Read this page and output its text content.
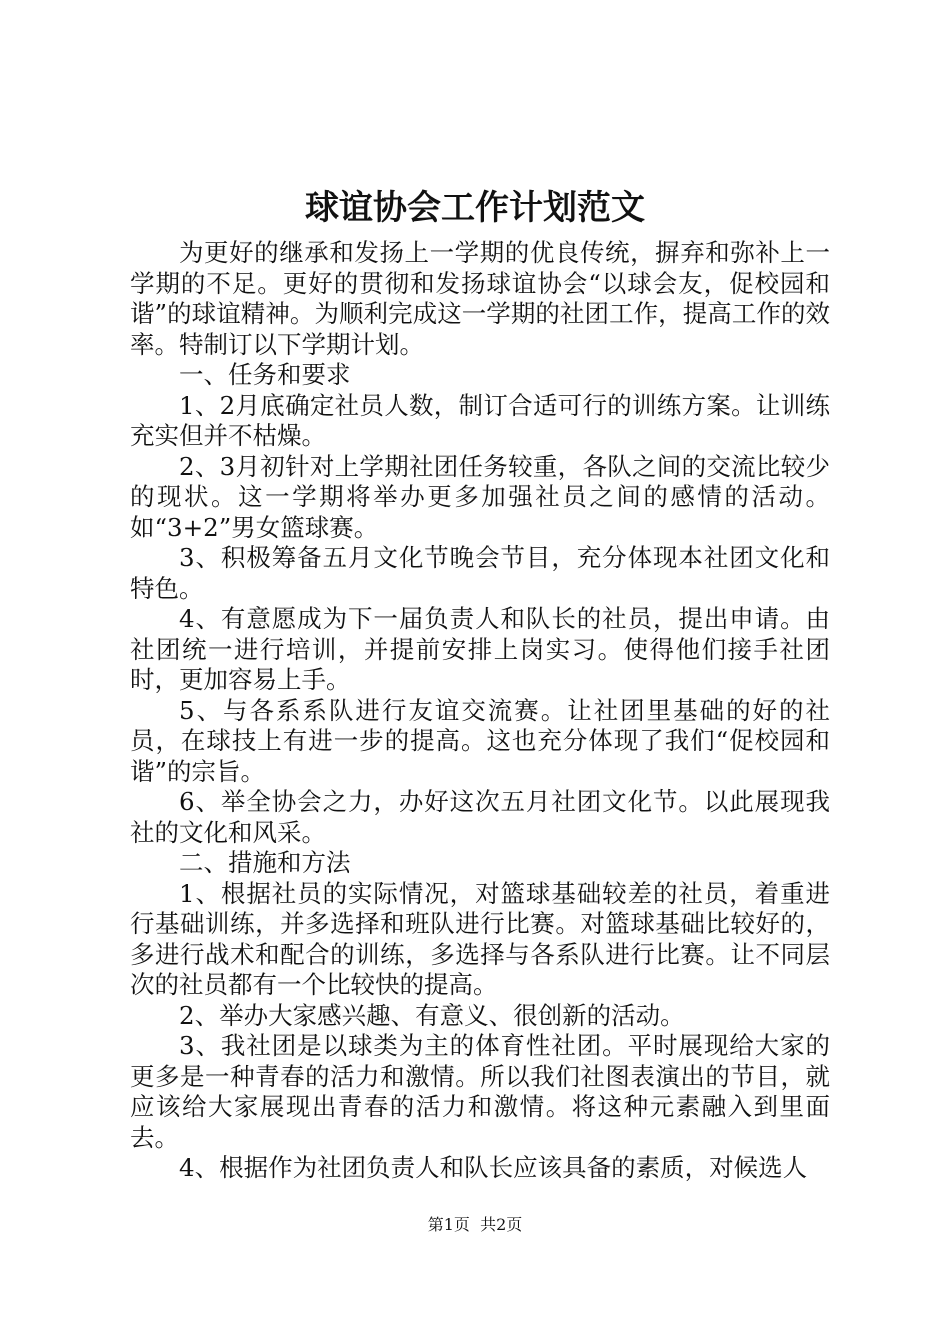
球谊协会工作计划范文

为更好的继承和发扬上一学期的优良传统，摒弃和弥补上一学期的不足。更好的贯彻和发扬球谊协会“以球会友，促校园和谐”的球谊精神。为顺利完成这一学期的社团工作，提高工作的效率。特制订以下学期计划。

一、任务和要求

1、2月底确定社员人数，制订合适可行的训练方案。让训练充实但并不枯燥。

2、3月初针对上学期社团任务较重，各队之间的交流比较少的现状。这一学期将举办更多加强社员之间的感情的活动。如“3+2”男女篮球赛。

3、积极筹备五月文化节晚会节目，充分体现本社团文化和特色。

4、有意愿成为下一届负责人和队长的社员，提出申请。由社团统一进行培训，并提前安排上岗实习。使得他们接手社团时，更加容易上手。

5、与各系系队进行友谊交流赛。让社团里基础的好的社员，在球技上有进一步的提高。这也充分体现了我们“促校园和谐”的宗旨。

6、举全协会之力，办好这次五月社团文化节。以此展现我社的文化和风采。

二、措施和方法

1、根据社员的实际情况，对篮球基础较差的社员，着重进行基础训练，并多选择和班队进行比赛。对篮球基础比较好的，多进行战术和配合的训练，多选择与各系队进行比赛。让不同层次的社员都有一个比较快的提高。

2、举办大家感兴趣、有意义、很创新的活动。

3、我社团是以球类为主的体育性社团。平时展现给大家的更多是一种青春的活力和激情。所以我们社图表演出的节目，就应该给大家展现出青春的活力和激情。将这种元素融入到里面去。

4、根据作为社团负责人和队长应该具备的素质，对候选人

第1页  共2页
